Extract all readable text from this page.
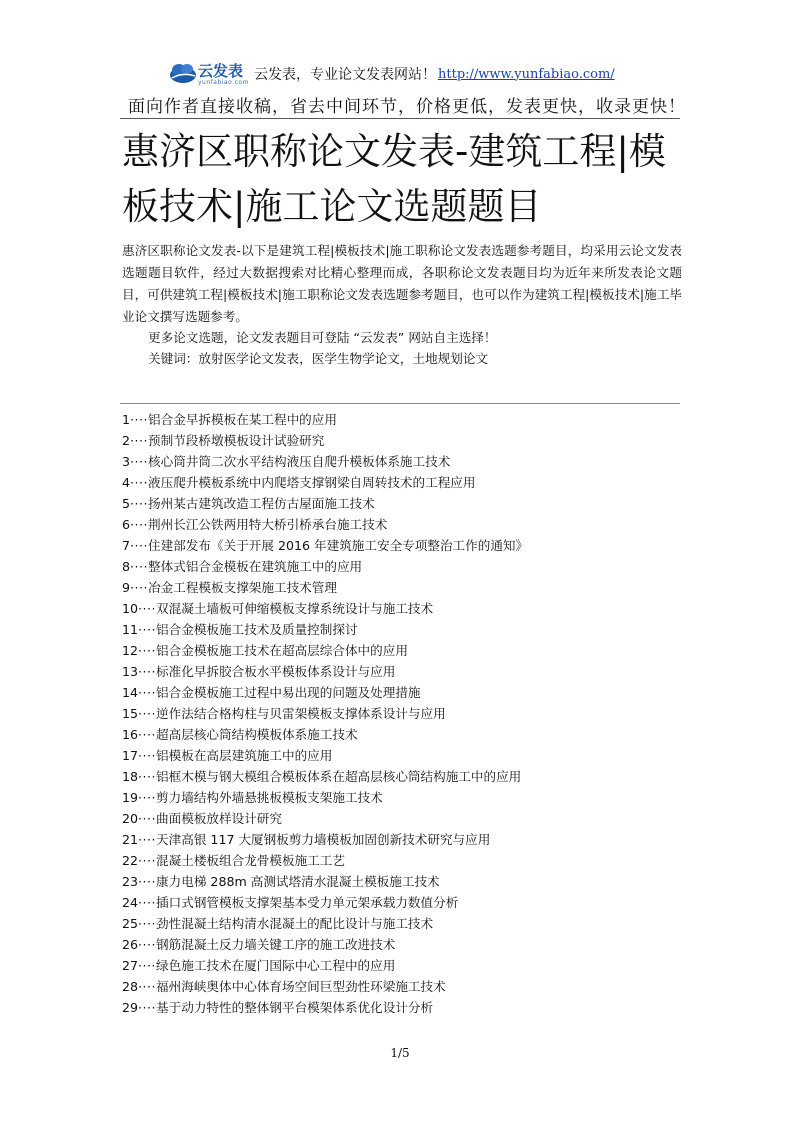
云发表
yunfabiao.com 云发表，专业论文发表网站！ http://www.yunfabiao.com/
面向作者直接收稿，省去中间环节，价格更低，发表更快，收录更快！
惠济区职称论文发表-建筑工程|模板技术|施工论文选题题目

惠济区职称论文发表-以下是建筑工程|模板技术|施工职称论文发表选题参考题目，均采用云论文发表选题题目软件，经过大数据搜索对比精心整理而成，各职称论文发表题目均为近年来所发表论文题目，可供建筑工程|模板技术|施工职称论文发表选题参考题目，也可以作为建筑工程|模板技术|施工毕业论文撰写选题参考。

更多论文选题，论文发表题目可登陆 “云发表” 网站自主选择！
关键词：放射医学论文发表，医学生物学论文，土地规划论文
1····铝合金早拆模板在某工程中的应用
2····预制节段桥墩模板设计试验研究
3····核心筒井筒二次水平结构液压自爬升模板体系施工技术
4····液压爬升模板系统中内爬塔支撑钢梁自周转技术的工程应用
5····扬州某古建筑改造工程仿古屋面施工技术
6····荆州长江公铁两用特大桥引桥承台施工技术
7····住建部发布《关于开展 2016 年建筑施工安全专项整治工作的通知》
8····整体式铝合金模板在建筑施工中的应用
9····冶金工程模板支撑架施工技术管理
10····双混凝土墙板可伸缩模板支撑系统设计与施工技术
11····铝合金模板施工技术及质量控制探讨
12····铝合金模板施工技术在超高层综合体中的应用
13····标准化早拆胶合板水平模板体系设计与应用
14····铝合金模板施工过程中易出现的问题及处理措施
15····逆作法结合格构柱与贝雷架模板支撑体系设计与应用
16····超高层核心筒结构模板体系施工技术
17····铝模板在高层建筑施工中的应用
18····铝框木模与钢大模组合模板体系在超高层核心筒结构施工中的应用
19····剪力墙结构外墙悬挑板模板支架施工技术
20····曲面模板放样设计研究
21····天津高银 117 大厦钢板剪力墙模板加固创新技术研究与应用
22····混凝土楼板组合龙骨模板施工工艺
23····康力电梯 288m 高测试塔清水混凝土模板施工技术
24····插口式钢管模板支撑架基本受力单元架承载力数值分析
25····劲性混凝土结构清水混凝土的配比设计与施工技术
26····钢筋混凝土反力墙关键工序的施工改进技术
27····绿色施工技术在厦门国际中心工程中的应用
28····福州海峡奥体中心体育场空间巨型劲性环梁施工技术
29····基于动力特性的整体钢平台模架体系优化设计分析
1/5
